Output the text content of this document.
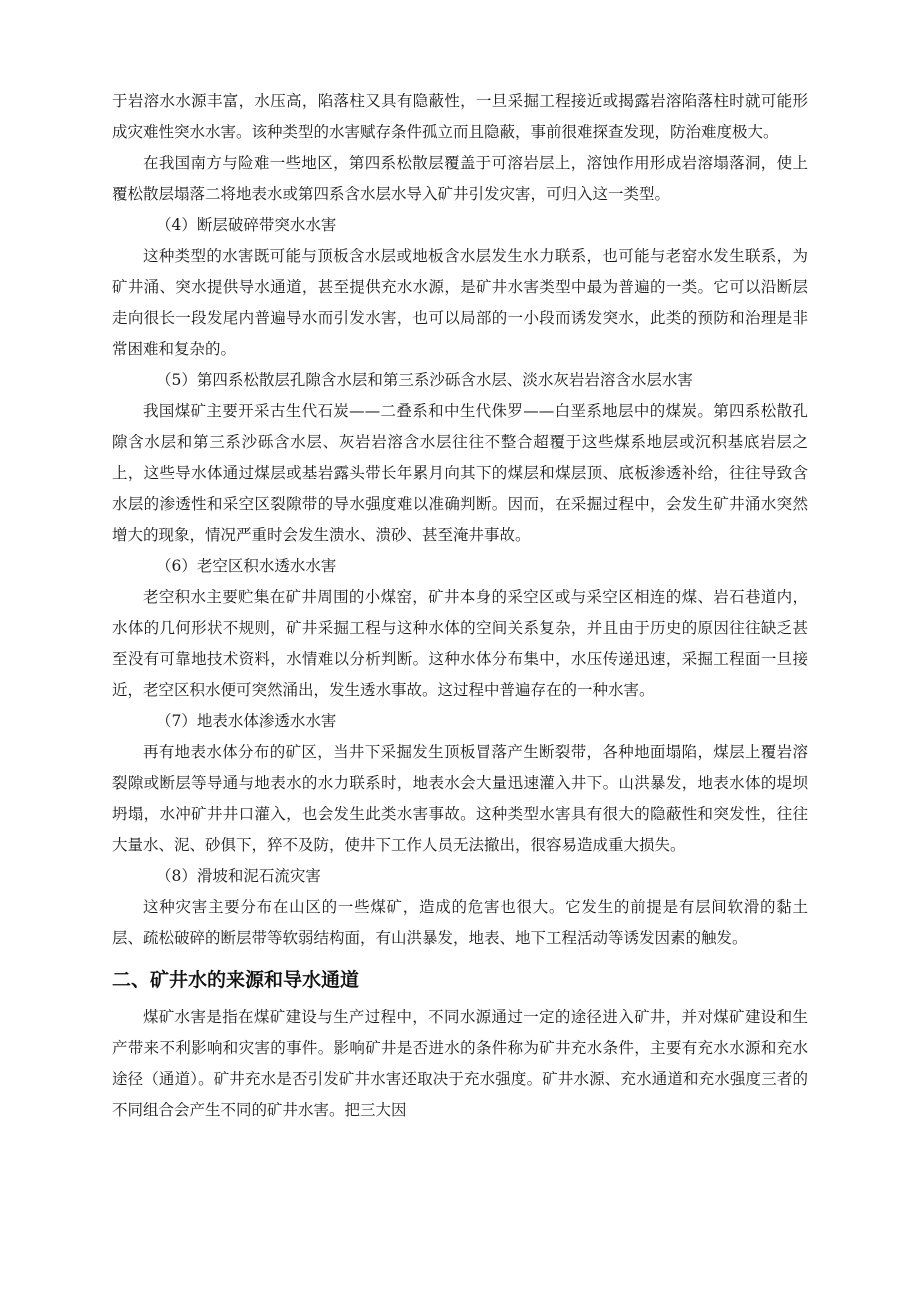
于岩溶水水源丰富，水压高，陷落柱又具有隐蔽性，一旦采掘工程接近或揭露岩溶陷落柱时就可能形成灾难性突水水害。该种类型的水害赋存条件孤立而且隐蔽，事前很难探查发现，防治难度极大。

在我国南方与险难一些地区，第四系松散层覆盖于可溶岩层上，溶蚀作用形成岩溶塌落洞，使上覆松散层塌落二将地表水或第四系含水层水导入矿井引发灾害，可归入这一类型。

（4）断层破碎带突水水害

这种类型的水害既可能与顶板含水层或地板含水层发生水力联系，也可能与老窑水发生联系，为矿井涌、突水提供导水通道，甚至提供充水水源，是矿井水害类型中最为普遍的一类。它可以沿断层走向很长一段发尾内普遍导水而引发水害，也可以局部的一小段而诱发突水，此类的预防和治理是非常困难和复杂的。

（5）第四系松散层孔隙含水层和第三系沙砾含水层、淡水灰岩岩溶含水层水害

我国煤矿主要开采古生代石炭——二叠系和中生代侏罗——白垩系地层中的煤炭。第四系松散孔隙含水层和第三系沙砾含水层、灰岩岩溶含水层往往不整合超覆于这些煤系地层或沉积基底岩层之上，这些导水体通过煤层或基岩露头带长年累月向其下的煤层和煤层顶、底板渗透补给，往往导致含水层的渗透性和采空区裂隙带的导水强度难以准确判断。因而，在采掘过程中，会发生矿井涌水突然增大的现象，情况严重时会发生溃水、溃砂、甚至淹井事故。

（6）老空区积水透水水害

老空积水主要贮集在矿井周围的小煤窑，矿井本身的采空区或与采空区相连的煤、岩石巷道内，水体的几何形状不规则，矿井采掘工程与这种水体的空间关系复杂，并且由于历史的原因往往缺乏甚至没有可靠地技术资料，水情难以分析判断。这种水体分布集中，水压传递迅速，采掘工程面一旦接近，老空区积水便可突然涌出，发生透水事故。这过程中普遍存在的一种水害。

（7）地表水体渗透水水害

再有地表水体分布的矿区，当井下采掘发生顶板冒落产生断裂带，各种地面塌陷，煤层上覆岩溶裂隙或断层等导通与地表水的水力联系时，地表水会大量迅速灌入井下。山洪暴发，地表水体的堤坝坍塌，水冲矿井井口灌入，也会发生此类水害事故。这种类型水害具有很大的隐蔽性和突发性，往往大量水、泥、砂俱下，猝不及防，使井下工作人员无法撤出，很容易造成重大损失。

（8）滑坡和泥石流灾害

这种灾害主要分布在山区的一些煤矿，造成的危害也很大。它发生的前提是有层间软滑的黏土层、疏松破碎的断层带等软弱结构面，有山洪暴发，地表、地下工程活动等诱发因素的触发。

二、矿井水的来源和导水通道

煤矿水害是指在煤矿建设与生产过程中，不同水源通过一定的途径进入矿井，并对煤矿建设和生产带来不利影响和灾害的事件。影响矿井是否进水的条件称为矿井充水条件，主要有充水水源和充水途径（通道）。矿井充水是否引发矿井水害还取决于充水强度。矿井水源、充水通道和充水强度三者的不同组合会产生不同的矿井水害。把三大因
